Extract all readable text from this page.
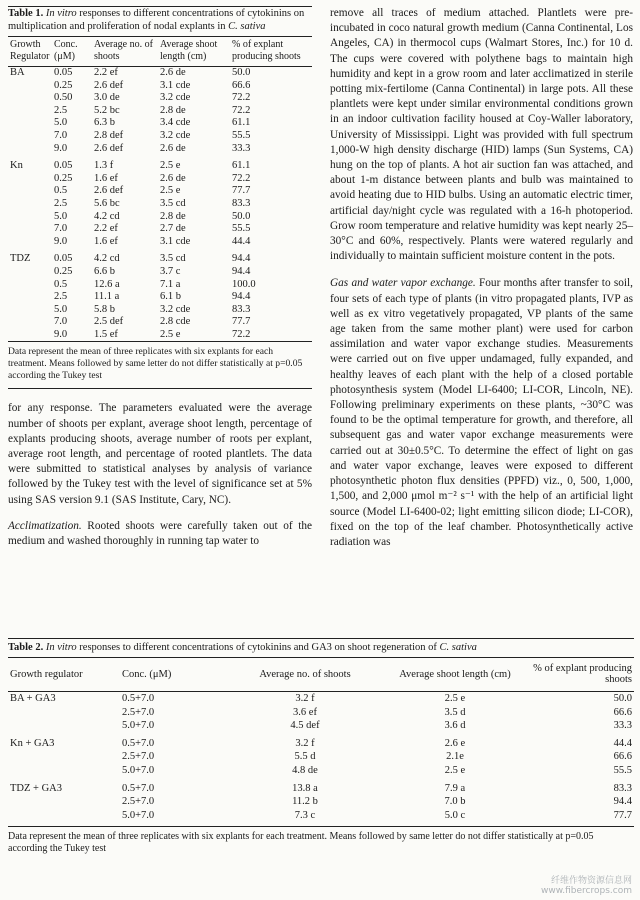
Table 1. In vitro responses to different concentrations of cytokinins on multiplication and proliferation of nodal explants in C. sativa

Growth Regulator	Conc. (μM)	Average no. of shoots	Average shoot length (cm)	% of explant producing shoots
BA	0.05	2.2 ef	2.6 de	50.0
	0.25	2.6 def	3.1 cde	66.6
	0.50	3.0 de	3.2 cde	72.2
	2.5	5.2 bc	2.8 de	72.2
	5.0	6.3 b	3.4 cde	61.1
	7.0	2.8 def	3.2 cde	55.5
	9.0	2.6 def	2.6 de	33.3
Kn	0.05	1.3 f	2.5 e	61.1
	0.25	1.6 ef	2.6 de	72.2
	0.5	2.6 def	2.5 e	77.7
	2.5	5.6 bc	3.5 cd	83.3
	5.0	4.2 cd	2.8 de	50.0
	7.0	2.2 ef	2.7 de	55.5
	9.0	1.6 ef	3.1 cde	44.4
TDZ	0.05	4.2 cd	3.5 cd	94.4
	0.25	6.6 b	3.7 c	94.4
	0.5	12.6 a	7.1 a	100.0
	2.5	11.1 a	6.1 b	94.4
	5.0	5.8 b	3.2 cde	83.3
	7.0	2.5 def	2.8 cde	77.7
	9.0	1.5 ef	2.5 e	72.2
Data represent the mean of three replicates with six explants for each treatment. Means followed by same letter do not differ statistically at p=0.05 according the Tukey test

for any response. The parameters evaluated were the average number of shoots per explant, average shoot length, percentage of explants producing shoots, average number of roots per explant, average root length, and percentage of rooted plantlets. The data were submitted to statistical analyses by analysis of variance followed by the Tukey test with the level of significance set at 5% using SAS version 9.1 (SAS Institute, Cary, NC).

Acclimatization. Rooted shoots were carefully taken out of the medium and washed thoroughly in running tap water to

remove all traces of medium attached. Plantlets were pre-incubated in coco natural growth medium (Canna Continental, Los Angeles, CA) in thermocol cups (Walmart Stores, Inc.) for 10 d. The cups were covered with polythene bags to maintain high humidity and kept in a grow room and later acclimatized in sterile potting mix-fertilome (Canna Continental) in large pots. All these plantlets were kept under similar environmental conditions grown in an indoor cultivation facility housed at Coy-Waller laboratory, University of Mississippi. Light was provided with full spectrum 1,000-W high density discharge (HID) lamps (Sun Systems, CA) hung on the top of plants. A hot air suction fan was attached, and about 1-m distance between plants and bulb was maintained to avoid heating due to HID bulbs. Using an automatic electric timer, artificial day/night cycle was regulated with a 16-h photoperiod. Grow room temperature and relative humidity was kept nearly 25–30°C and 60%, respectively. Plants were watered regularly and individually to maintain sufficient moisture content in the pots.

Gas and water vapor exchange. Four months after transfer to soil, four sets of each type of plants (in vitro propagated plants, IVP as well as ex vitro vegetatively propagated, VP plants of the same age taken from the same mother plant) were used for carbon assimilation and water vapor exchange studies. Measurements were carried out on five upper undamaged, fully expanded, and healthy leaves of each plant with the help of a closed portable photosynthesis system (Model LI-6400; LI-COR, Lincoln, NE). Following preliminary experiments on these plants, ~30°C was found to be the optimal temperature for growth, and therefore, all subsequent gas and water vapor exchange measurements were carried out at 30±0.5°C. To determine the effect of light on gas and water vapor exchange, leaves were exposed to different photosynthetic photon flux densities (PPFD) viz., 0, 500, 1,000, 1,500, and 2,000 μmol m⁻² s⁻¹ with the help of an artificial light source (Model LI-6400-02; light emitting silicon diode; LI-COR), fixed on the top of the leaf chamber. Photosynthetically active radiation was

Table 2. In vitro responses to different concentrations of cytokinins and GA3 on shoot regeneration of C. sativa

Growth regulator	Conc. (μM)	Average no. of shoots	Average shoot length (cm)	% of explant producing shoots
BA + GA3	0.5+7.0	3.2 f	2.5 e	50.0
	2.5+7.0	3.6 ef	3.5 d	66.6
	5.0+7.0	4.5 def	3.6 d	33.3
Kn + GA3	0.5+7.0	3.2 f	2.6 e	44.4
	2.5+7.0	5.5 d	2.1e	66.6
	5.0+7.0	4.8 de	2.5 e	55.5
TDZ + GA3	0.5+7.0	13.8 a	7.9 a	83.3
	2.5+7.0	11.2 b	7.0 b	94.4
	5.0+7.0	7.3 c	5.0 c	77.7
Data represent the mean of three replicates with six explants for each treatment. Means followed by same letter do not differ statistically at p=0.05 according the Tukey test
纤维作物资源信息网
www.fibercrops.com
